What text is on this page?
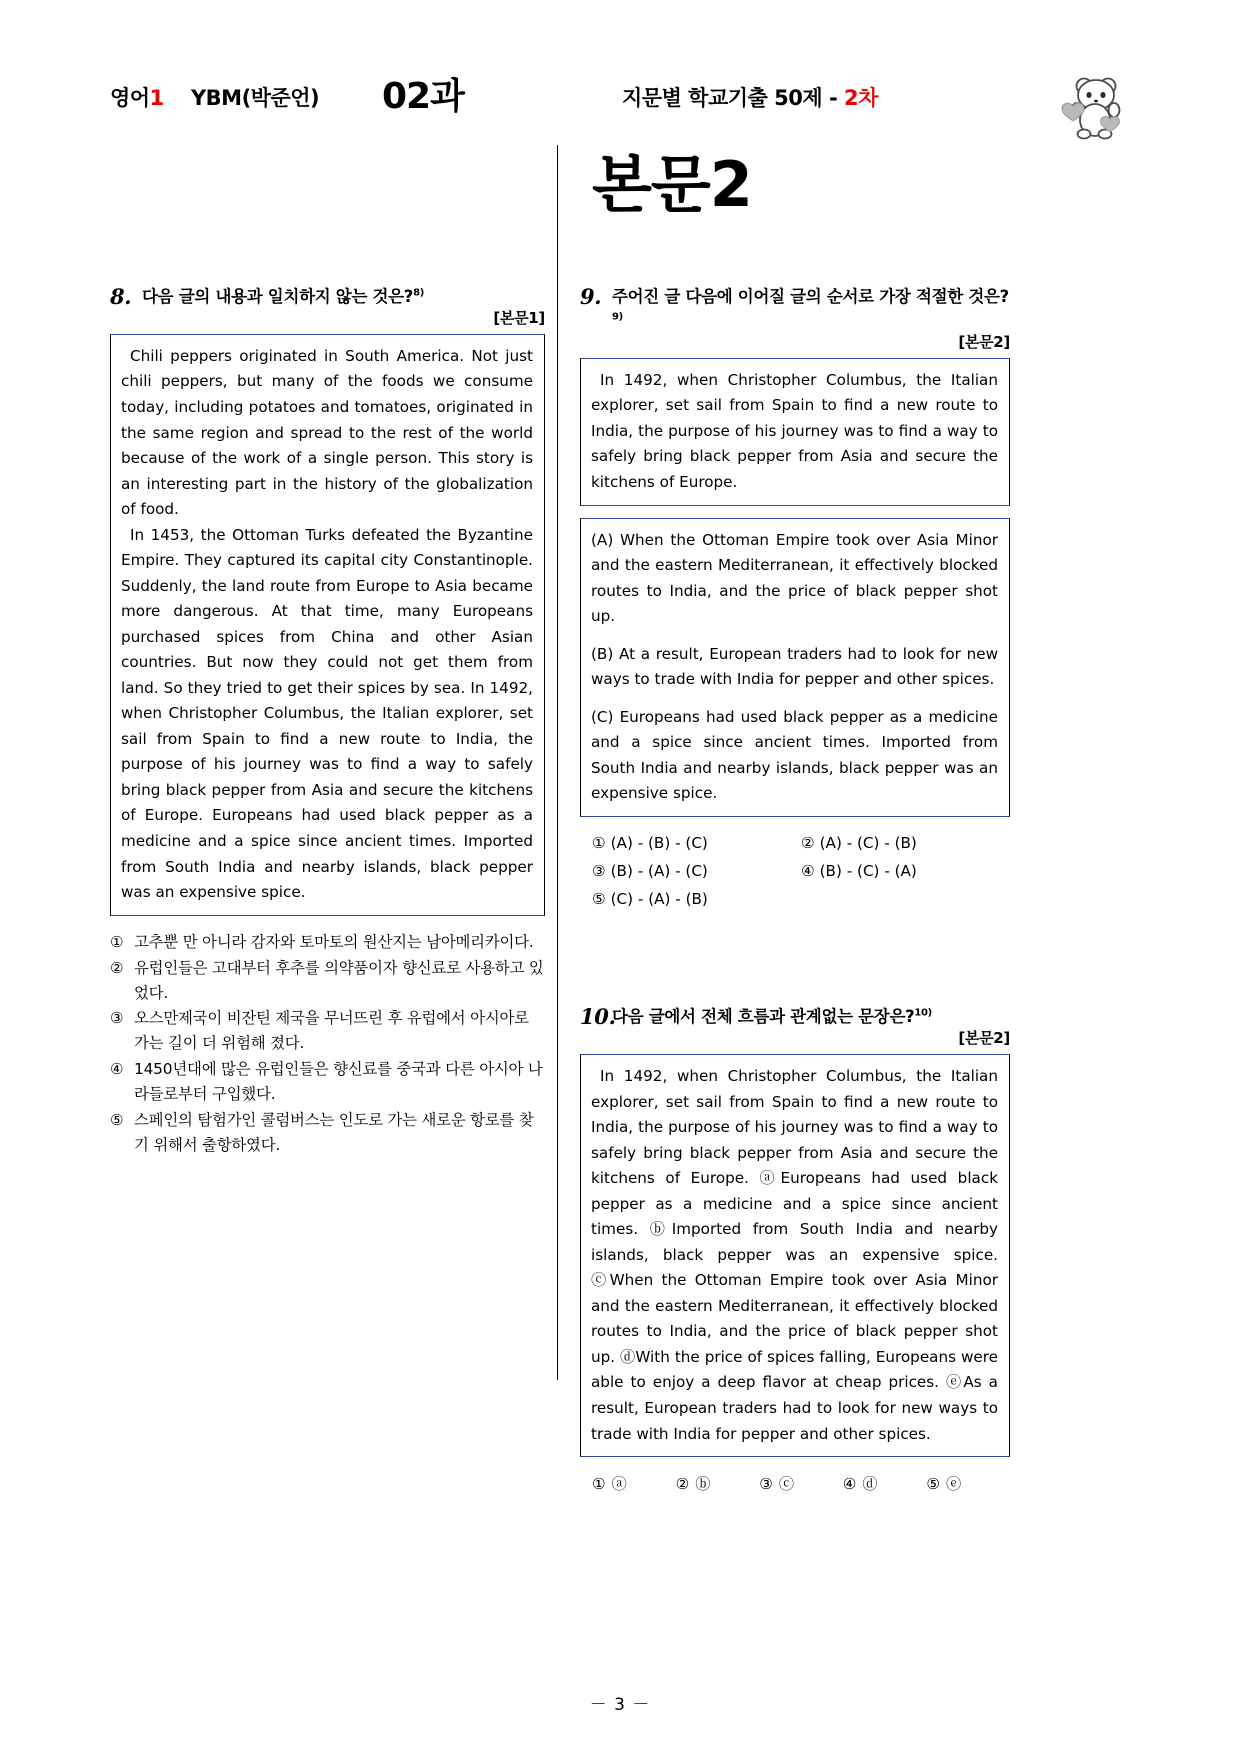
영어1 YBM(박준언) 02과	지문별 학교기출 50제 - 2차
본문2
8. 다음 글의 내용과 일치하지 않는 것은?$^{8)}$
[본문1]

Chili peppers originated in South America. Not just chili peppers, but many of the foods we consume today, including potatoes and tomatoes, originated in the same region and spread to the rest of the world because of the work of a single person. This story is an interesting part in the history of the globalization of food.

In 1453, the Ottoman Turks defeated the Byzantine Empire. They captured its capital city Constantinople. Suddenly, the land route from Europe to Asia became more dangerous. At that time, many Europeans purchased spices from China and other Asian countries. But now they could not get them from land. So they tried to get their spices by sea. In 1492, when Christopher Columbus, the Italian explorer, set sail from Spain to find a new route to India, the purpose of his journey was to find a way to safely bring black pepper from Asia and secure the kitchens of Europe. Europeans had used black pepper as a medicine and a spice since ancient times. Imported from South India and nearby islands, black pepper was an expensive spice.

① 고추뿐 만 아니라 감자와 토마토의 원산지는 남아메리카이다.
② 유럽인들은 고대부터 후추를 의약품이자 향신료로 사용하고 있었다.
③ 오스만제국이 비잔틴 제국을 무너뜨린 후 유럽에서 아시아로 가는 길이 더 위험해 졌다.
④ 1450년대에 많은 유럽인들은 향신료를 중국과 다른 아시아 나라들로부터 구입했다.
⑤ 스페인의 탐험가인 콜럼버스는 인도로 가는 새로운 항로를 찾기 위해서 출항하였다.
9. 주어진 글 다음에 이어질 글의 순서로 가장 적절한 것은?$^{9)}$
[본문2]

In 1492, when Christopher Columbus, the Italian explorer, set sail from Spain to find a new route to India, the purpose of his journey was to find a way to safely bring black pepper from Asia and secure the kitchens of Europe.

(A) When the Ottoman Empire took over Asia Minor and the eastern Mediterranean, it effectively blocked routes to India, and the price of black pepper shot up.

(B) At a result, European traders had to look for new ways to trade with India for pepper and other spices.

(C) Europeans had used black pepper as a medicine and a spice since ancient times. Imported from South India and nearby islands, black pepper was an expensive spice.

① (A) - (B) - (C)	② (A) - (C) - (B)
③ (B) - (A) - (C)	④ (B) - (C) - (A)
⑤ (C) - (A) - (B)
10.
다음 글에서 전체 흐름과 관계없는 문장은?$^{10)}$
[본문2]

In 1492, when Christopher Columbus, the Italian explorer, set sail from Spain to find a new route to India, the purpose of his journey was to find a way to safely bring black pepper from Asia and secure the kitchens of Europe. ⓐEuropeans had used black pepper as a medicine and a spice since ancient times. ⓑImported from South India and nearby islands, black pepper was an expensive spice. ⓒWhen the Ottoman Empire took over Asia Minor and the eastern Mediterranean, it effectively blocked routes to India, and the price of black pepper shot up. ⓓWith the price of spices falling, Europeans were able to enjoy a deep flavor at cheap prices. ⓔAs a result, European traders had to look for new ways to trade with India for pepper and other spices.

① ⓐ	② ⓑ	③ ⓒ	④ ⓓ	⑤ ⓔ
－ 3 －
